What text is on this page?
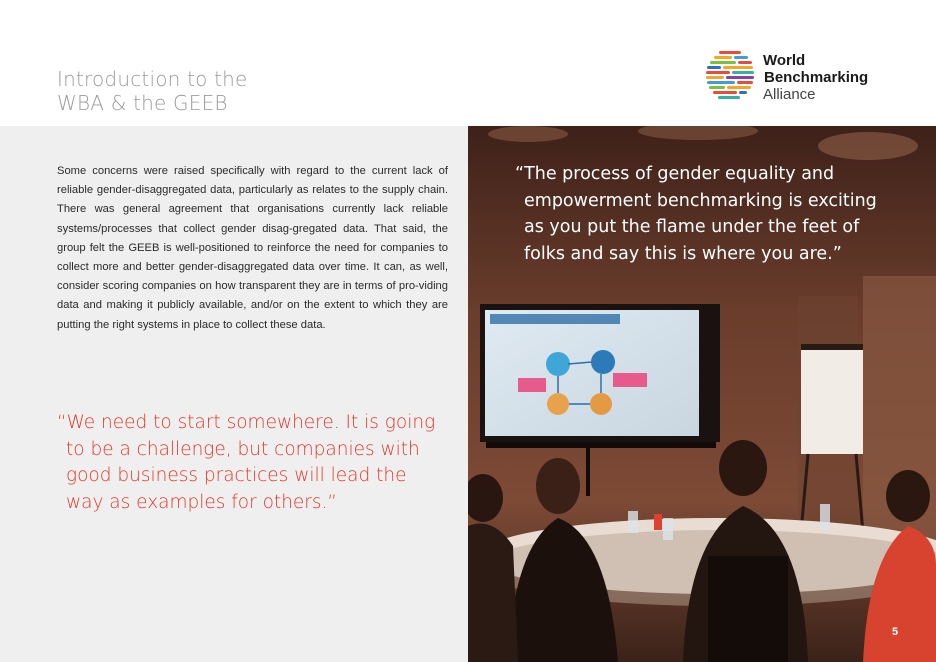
Introduction to the
WBA & the GEEB
World
Benchmarking
Alliance

Some concerns were raised specifically with regard to the current lack of reliable gender-disaggregated data, particularly as relates to the supply chain. There was general agreement that organisations currently lack reliable systems/processes that collect gender disag-gregated data. That said, the group felt the GEEB is well-positioned to reinforce the need for companies to collect more and better gender-disaggregated data over time. It can, as well, consider scoring companies on how transparent they are in terms of pro-viding data and making it publicly available, and/or on the extent to which they are putting the right systems in place to collect these data.

“We need to start somewhere. It is going
to be a challenge, but companies with
good business practices will lead the
way as examples for others.”
5
“The process of gender equality and
empowerment benchmarking is exciting
as you put the flame under the feet of
folks and say this is where you are.”
